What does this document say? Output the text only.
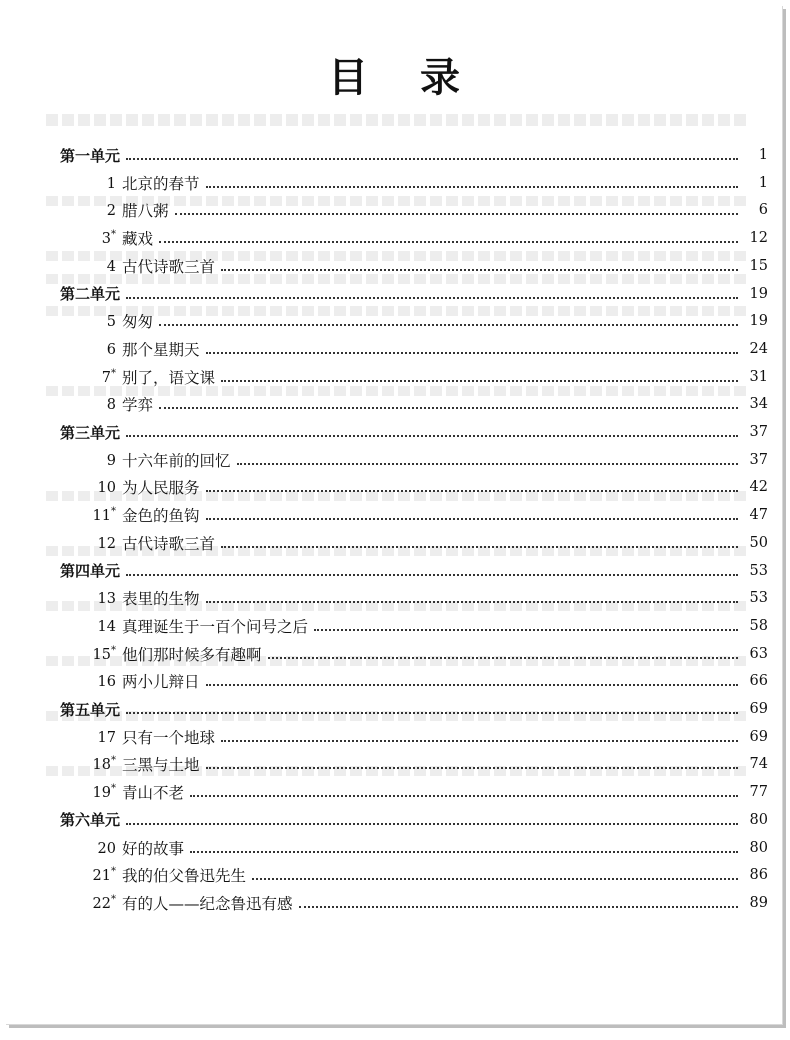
目 录
第一单元	1
1 北京的春节	1
2 腊八粥	6
3* 藏戏	12
4 古代诗歌三首	15
第二单元	19
5 匆匆	19
6 那个星期天	24
7* 别了，语文课	31
8 学弈	34
第三单元	37
9 十六年前的回忆	37
10 为人民服务	42
11* 金色的鱼钩	47
12 古代诗歌三首	50
第四单元	53
13 表里的生物	53
14 真理诞生于一百个问号之后	58
15* 他们那时候多有趣啊	63
16 两小儿辩日	66
第五单元	69
17 只有一个地球	69
18* 三黑与土地	74
19* 青山不老	77
第六单元	80
20 好的故事	80
21* 我的伯父鲁迅先生	86
22* 有的人——纪念鲁迅有感	89
